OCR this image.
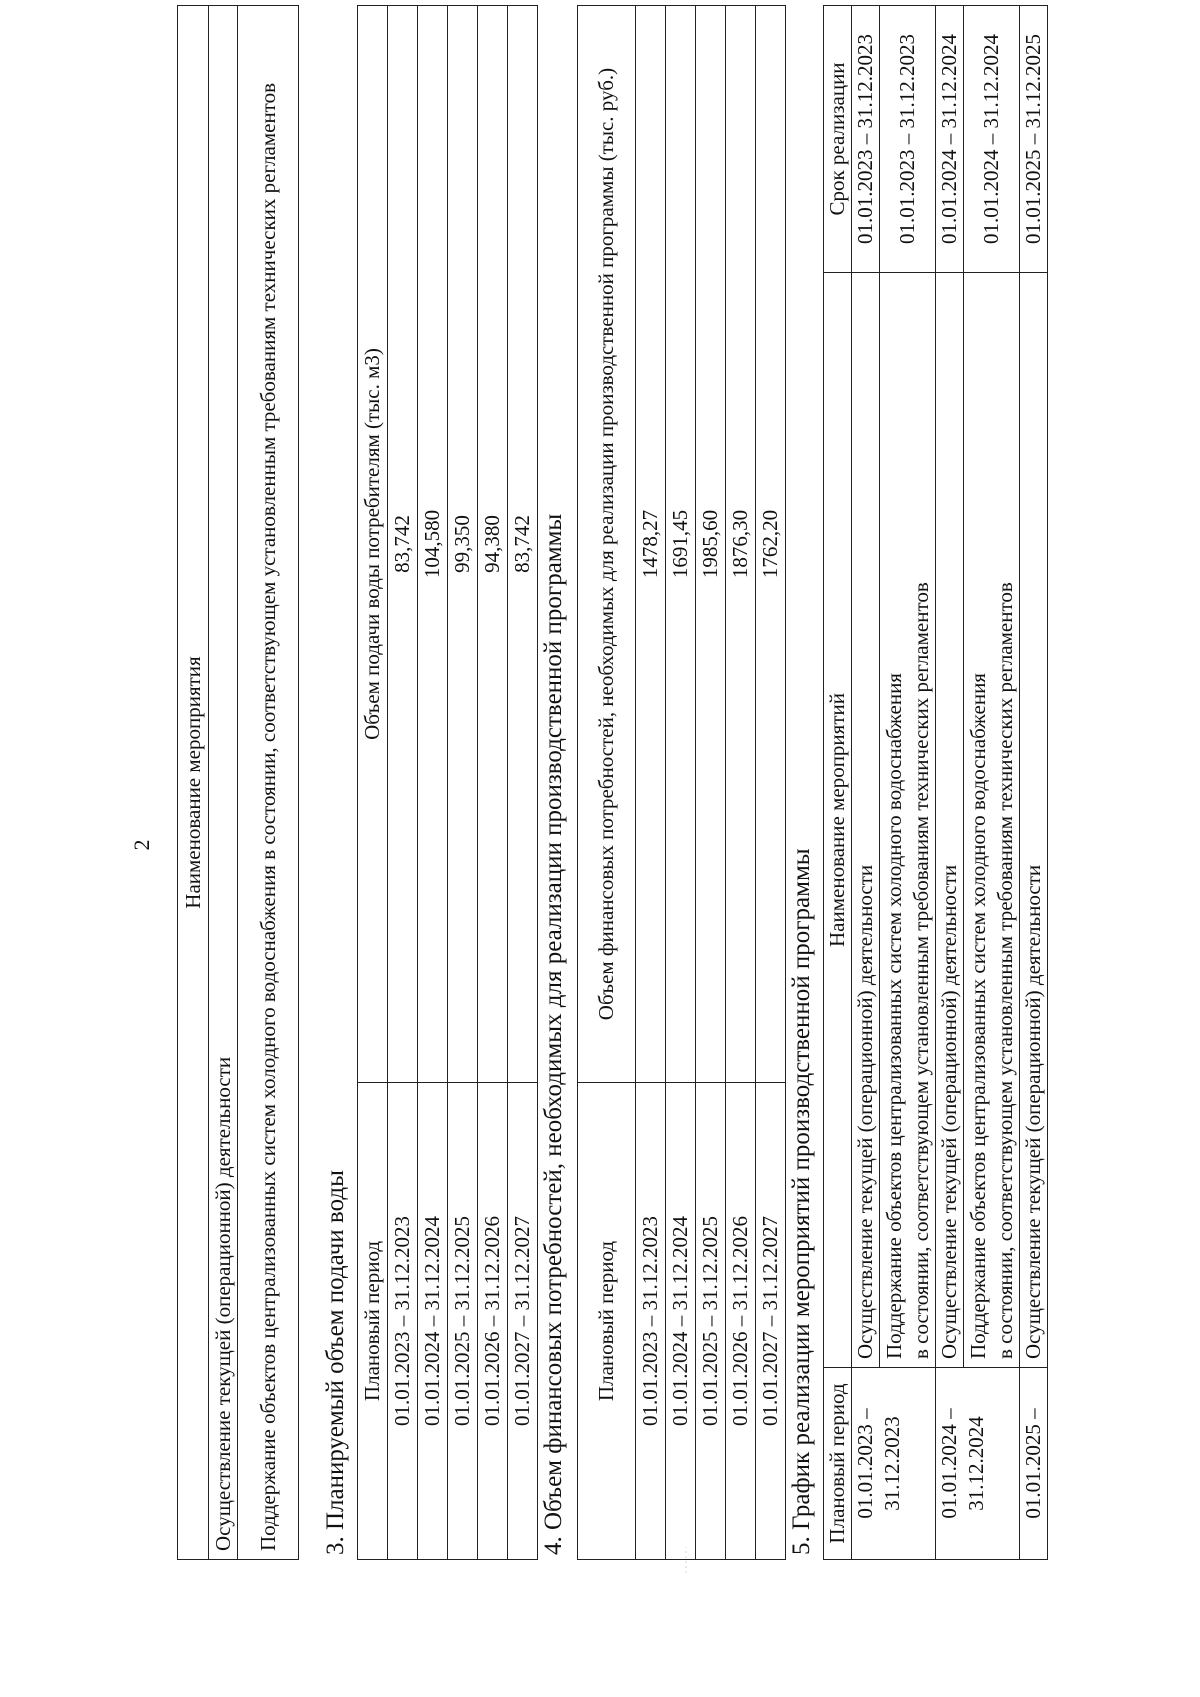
2 Наименование мероприятия
Осуществление текущей (операционной) деятельности
Поддержание объектов централизованных систем холодного водоснабжения в состоянии, соответствующем установленным требованиям технических регламентов 3. Планируемый объем подачи воды Плановый период	Объем подачи воды потребителям (тыс. м3)
01.01.2023 – 31.12.2023	83,742
01.01.2024 – 31.12.2024	104,580
01.01.2025 – 31.12.2025	99,350
01.01.2026 – 31.12.2026	94,380
01.01.2027 – 31.12.2027	83,742 4. Объем финансовых потребностей, необходимых для реализации производственной программы Плановый период	Объем финансовых потребностей, необходимых для реализации производственной программы (тыс. руб.)
01.01.2023 – 31.12.2023	1478,27
01.01.2024 – 31.12.2024	1691,45
01.01.2025 – 31.12.2025	1985,60
01.01.2026 – 31.12.2026	1876,30
01.01.2027 – 31.12.2027	1762,20
5. График реализации мероприятий производственной программы Плановый период	Наименование мероприятий	Срок реализации

01.01.2023 – 31.12.2023	Осуществление текущей (операционной) деятельности	01.01.2023 – 31.12.2023

	Поддержание объектов централизованных систем холодного водоснабжения в состоянии, соответствующем установленным требованиям технических регламентов	01.01.2023 – 31.12.2023

01.01.2024 – 31.12.2024	Осуществление текущей (операционной) деятельности	01.01.2024 – 31.12.2024

	Поддержание объектов централизованных систем холодного водоснабжения в состоянии, соответствующем установленным требованиям технических регламентов	01.01.2024 – 31.12.2024

01.01.2025 –	Осуществление текущей (операционной) деятельности	01.01.2025 – 31.12.2025
